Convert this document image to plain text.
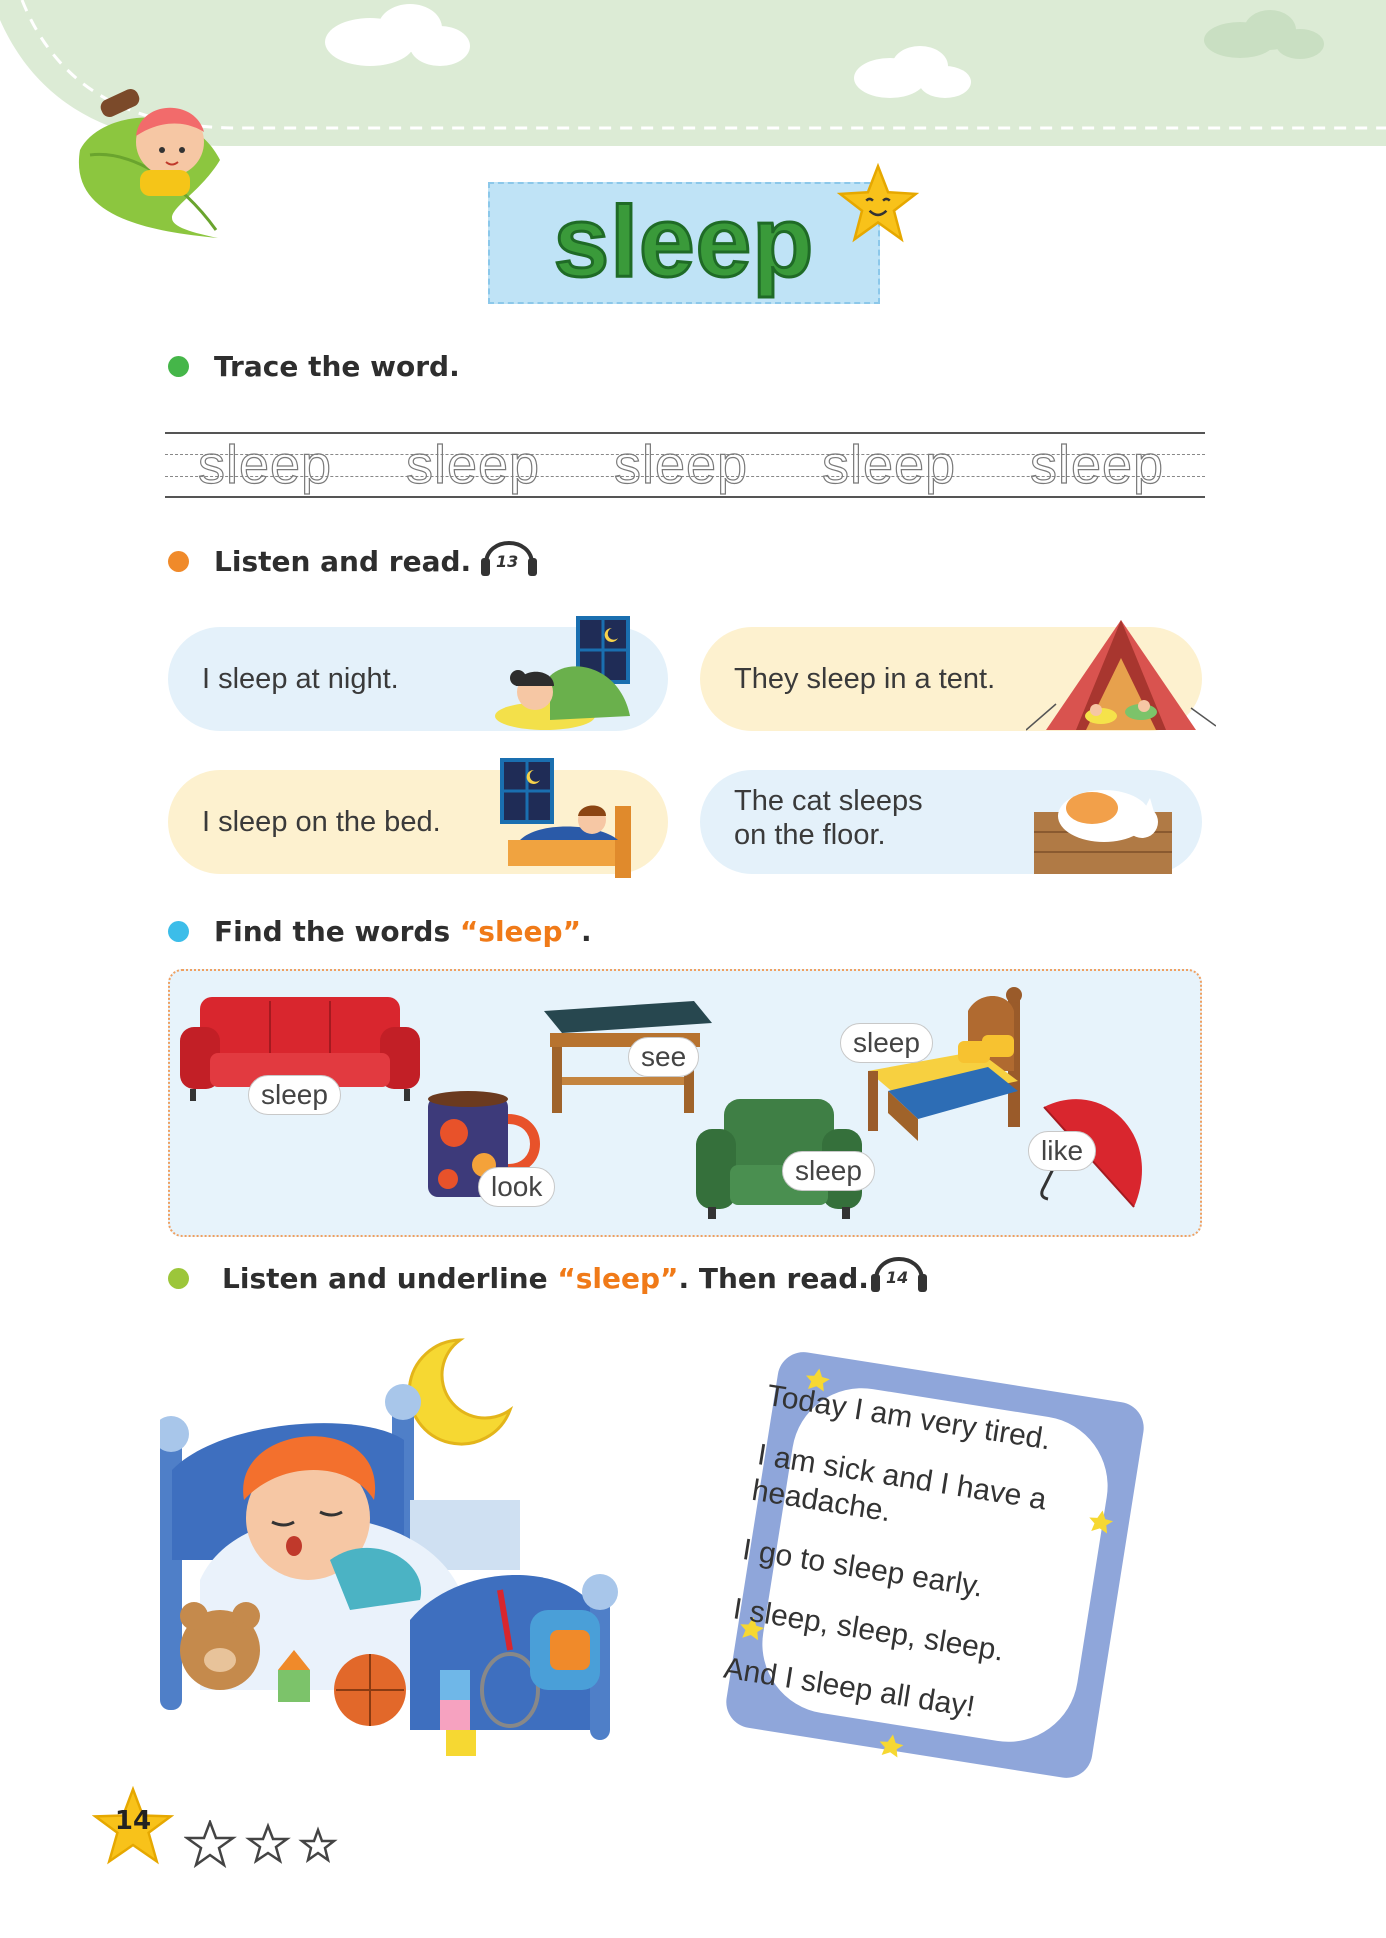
sleep
Trace the word.
sleep sleep sleep sleep sleep
Listen and read. 13
I sleep at night.	They sleep in a tent.
I sleep on the bed.
The cat sleeps
on the floor.
Find the words “sleep”.
sleep
see
look
sleep
sleep
like
Listen and underline “sleep”. Then read. 14

Today I am very tired.

I am sick and I have a headache.

I go to sleep early.

I sleep, sleep, sleep.

And I sleep all day!

14
